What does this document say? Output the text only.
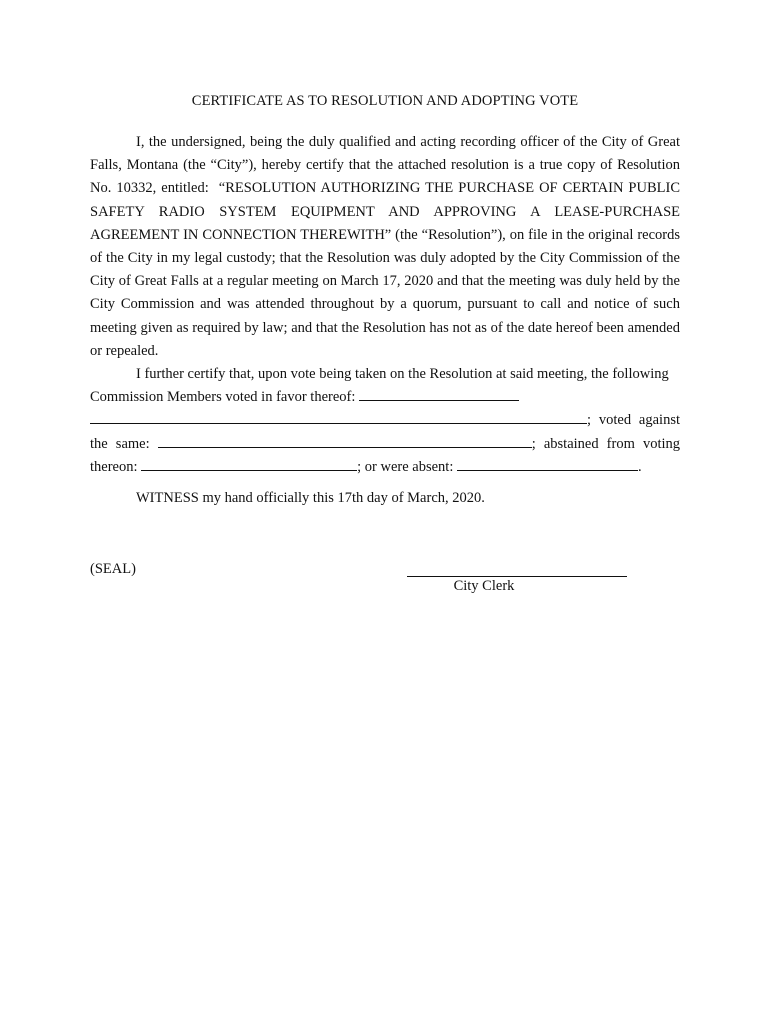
CERTIFICATE AS TO RESOLUTION AND ADOPTING VOTE
I, the undersigned, being the duly qualified and acting recording officer of the City of Great Falls, Montana (the “City”), hereby certify that the attached resolution is a true copy of Resolution No. 10332, entitled:  “RESOLUTION AUTHORIZING THE PURCHASE OF CERTAIN PUBLIC SAFETY RADIO SYSTEM EQUIPMENT AND APPROVING A LEASE-PURCHASE AGREEMENT IN CONNECTION THEREWITH” (the “Resolution”), on file in the original records of the City in my legal custody; that the Resolution was duly adopted by the City Commission of the City of Great Falls at a regular meeting on March 17, 2020 and that the meeting was duly held by the City Commission and was attended throughout by a quorum, pursuant to call and notice of such meeting given as required by law; and that the Resolution has not as of the date hereof been amended or repealed.
I further certify that, upon vote being taken on the Resolution at said meeting, the following
Commission Members voted in favor thereof:
; voted against
the same:	; abstained from voting
thereon:	; or were absent:	.
WITNESS my hand officially this 17th day of March, 2020.
(SEAL)
City Clerk
